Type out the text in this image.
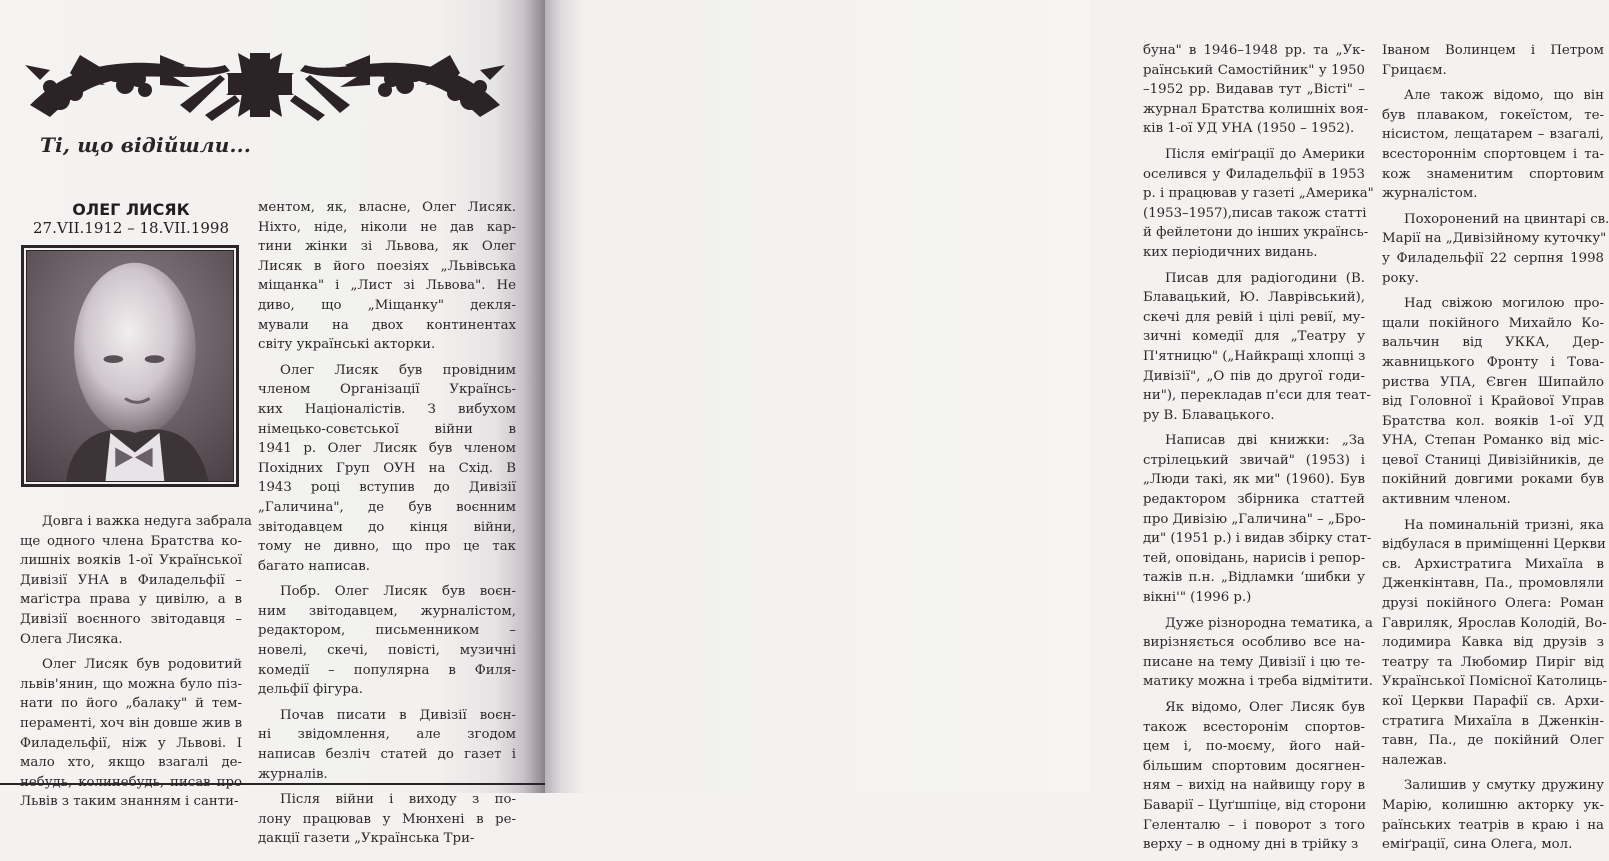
Ті, що відійшли...
ОЛЕГ ЛИСЯК
27.VII.1912 – 18.VII.1998

Довга і важка недуга забрала
ще одного члена Братства ко-
лишніх вояків 1-ої Української
Дивізії УНА в Филадельфії –
маґістра права у цивілю, а в
Дивізії воєнного звітодавця –
Олега Лисяка.

Олег Лисяк був родовитий
львів'янин, що можна було піз-
нати по його „балаку" й тем-
пераменті, хоч він довше жив в
Филадельфії, ніж у Львові. І
мало хто, якщо взагалі де-
Львів з таким знанням і санти-

ментом, як, власне, Олег Лисяк.
Ніхто, ніде, ніколи не дав кар-
тини жінки зі Львова, як Олег
Лисяк в його поезіях „Львівська
міщанка" і „Лист зі Львова". Не
диво, що „Міщанку" декля-
мували на двох континентах
світу українські акторки.

Олег Лисяк був провідним
членом Організації Українсь-
ких Націоналістів. З вибухом
німецько-совєтської війни в
1941 р. Олег Лисяк був членом
Похідних Груп ОУН на Схід. В
1943 році вступив до Дивізії
„Галичина", де був воєнним
звітодавцем до кінця війни,
тому не дивно, що про це так
багато написав.

Побр. Олег Лисяк був воєн-
ним звітодавцем, журналістом,
редактором, письменником –
новелі, скечі, повісті, музичні
комедії – популярна в Филя-
дельфії фігура.

Почав писати в Дивізії воєн-
ні звідомлення, але згодом
написав безліч статей до газет і
журналів.

Після війни і виходу з по-
лону працював у Мюнхені в ре-
дакції газети „Українська Три-

буна" в 1946–1948 рр. та „Ук-
раїнський Самостійник" у 1950
–1952 рр. Видавав тут „Вісті" –
журнал Братства колишніх воя-
ків 1-ої УД УНА (1950 – 1952).

Після еміґрації до Америки
оселився у Филадельфії в 1953
р. і працював у газеті „Америка"
(1953–1957),писав також статті
й фейлетони до інших українсь-
ких періодичних видань.

Писав для радіогодини (В.
Блавацький, Ю. Лаврівський),
скечі для ревій і цілі ревії, му-
зичні комедії для „Театру у
П'ятницю" („Найкращі хлопці з
Дивізії", „О пів до другої годи-
ни"), перекладав п'єси для теат-
ру В. Блавацького.

Написав дві книжки: „За
стрілецький звичай" (1953) і
„Люди такі, як ми" (1960). Був
редактором збірника статтей
про Дивізію „Галичина" – „Бро-
ди" (1951 р.) і видав збірку стат-
тей, оповідань, нарисів і репор-
тажів п.н. „Відламки ‘шибки у
вікні'" (1996 р.)

Дуже різнородна тематика, а
вирізняється особливо все на-
писане на тему Дивізії і цю те-
матику можна і треба відмітити.

Як відомо, Олег Лисяк був
також всесторонім спортов-
цем і, по-моєму, його най-
більшим спортовим досягнен-
ням – вихід на найвищу гору в
Баварії – Цуґшпіце, від сторони
Геленталю – і поворот з того
верху – в одному дні в трійку з

Іваном Волинцем і Петром
Грицаєм.

Але також відомо, що він
був плаваком, гокеїстом, те-
нісистом, лещатарем – взагалі,
всестороннім спортовцем і та-
кож знаменитим спортовим
журналістом.

Похоронений на цвинтарі св.
Марії на „Дивізійному куточку"
у Филадельфії 22 серпня 1998
року.

Над свіжою могилою про-
щали покійного Михайло Ко-
вальчин від УККА, Дер-
жавницького Фронту і Това-
риства УПА, Євген Шипайло
від Головної і Крайової Управ
Братства кол. вояків 1-ої УД
УНА, Степан Романко від міс-
цевої Станиці Дивізійників, де
покійний довгими роками був
активним членом.

На поминальній тризні, яка
відбулася в приміщенні Церкви
св. Архистратига Михаїла в
Дженкінтавн, Па., промовляли
друзі покійного Олега: Роман
Гавриляк, Ярослав Колодій, Во-
лодимира Кавка від друзів з
театру та Любомир Пиріг від
Української Помісної Католиць-
кої Церкви Парафії св. Архи-
стратига Михаїла в Дженкін-
тавн, Па., де покійний Олег
належав.

Залишив у смутку дружину
Марію, колишню акторку ук-
раїнських театрів в краю і на
еміґрації, сина Олега, мол.
